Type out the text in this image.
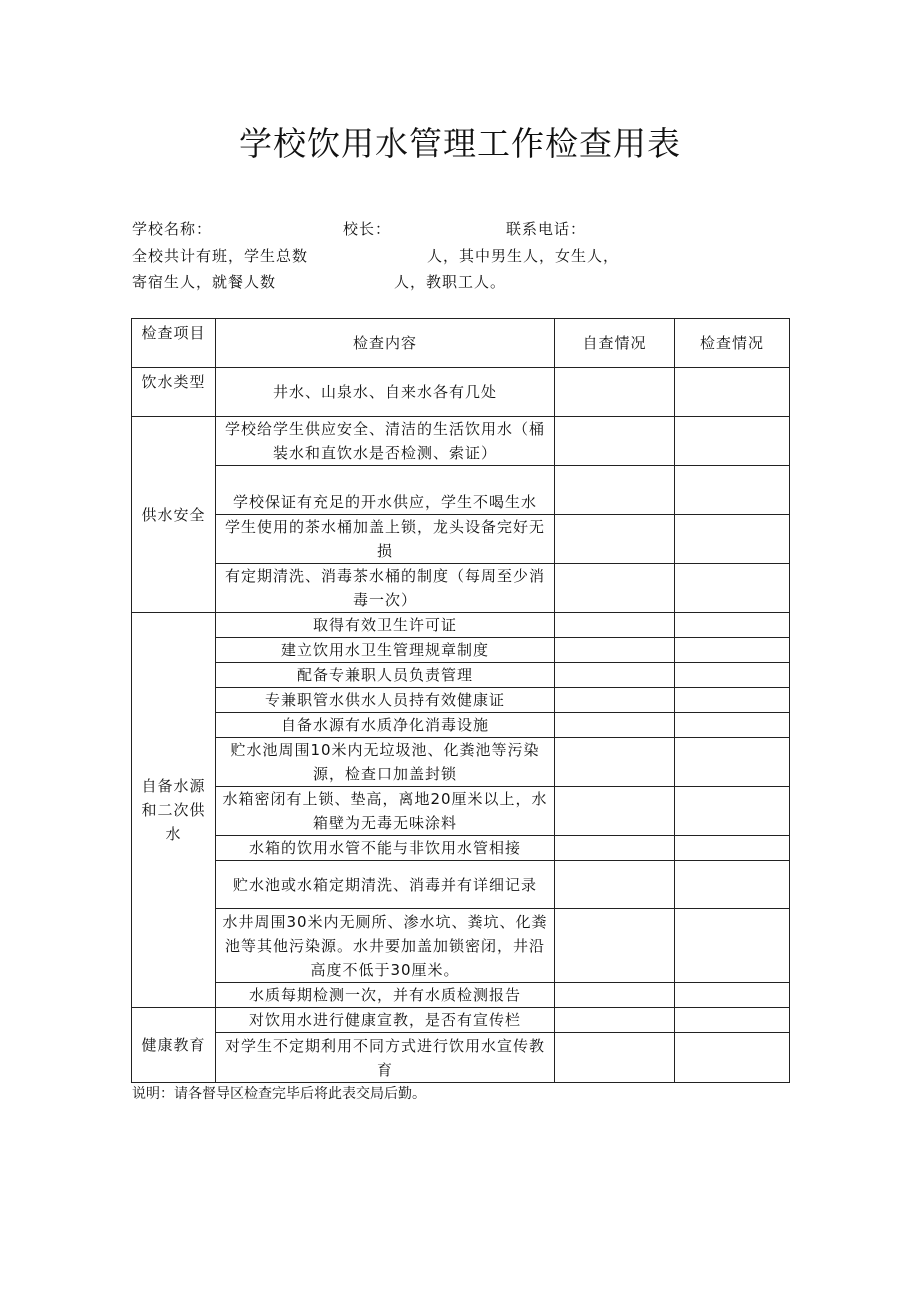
学校饮用水管理工作检查用表
学校名称：	校长：	联系电话：
全校共计有班，学生总数	人，其中男生人，女生人，
寄宿生人，就餐人数	人，教职工人。
检查项目	检查内容	自查情况	检查情况
饮水类型	井水、山泉水、自来水各有几处		
供水安全	学校给学生供应安全、清洁的生活饮用水（桶装水和直饮水是否检测、索证）		
	学校保证有充足的开水供应，学生不喝生水		
	学生使用的茶水桶加盖上锁，龙头设备完好无损		
	有定期清洗、消毒茶水桶的制度（每周至少消毒一次）		
自备水源和二次供水	取得有效卫生许可证		
	建立饮用水卫生管理规章制度		
	配备专兼职人员负责管理		
	专兼职管水供水人员持有效健康证		
	自备水源有水质净化消毒设施		
	贮水池周围10米内无垃圾池、化粪池等污染源，检查口加盖封锁		
	水箱密闭有上锁、垫高，离地20厘米以上，水箱壁为无毒无味涂料		
	水箱的饮用水管不能与非饮用水管相接		
	贮水池或水箱定期清洗、消毒并有详细记录		
	水井周围30米内无厕所、渗水坑、粪坑、化粪池等其他污染源。水井要加盖加锁密闭，井沿高度不低于30厘米。		
	水质每期检测一次，并有水质检测报告		
健康教育	对饮用水进行健康宣教，是否有宣传栏		
	对学生不定期利用不同方式进行饮用水宣传教育		
说明：请各督导区检查完毕后将此表交局后勤。
